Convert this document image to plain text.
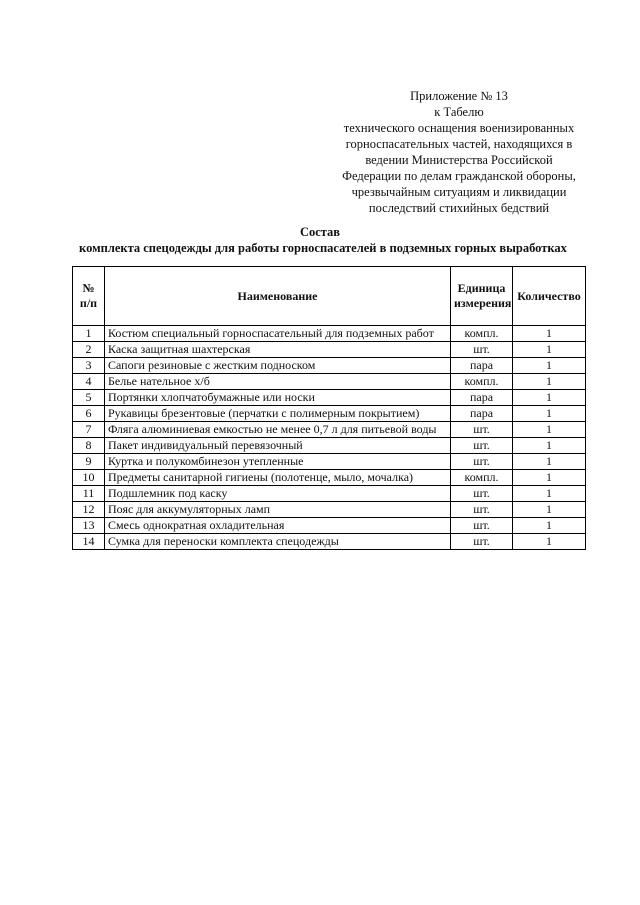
Приложение № 13
к Табелю
технического оснащения военизированных
горноспасательных частей, находящихся в
ведении Министерства Российской
Федерации по делам гражданской обороны,
чрезвычайным ситуациям и ликвидации
последствий стихийных бедствий
Состав
комплекта спецодежды для работы горноспасателей в подземных горных выработках
№ п/п	Наименование	Единица измерения	Количество
1	Костюм специальный горноспасательный для подземных работ	компл.	1
2	Каска защитная шахтерская	шт.	1
3	Сапоги резиновые с жестким подноском	пара	1
4	Белье нательное х/б	компл.	1
5	Портянки хлопчатобумажные или носки	пара	1
6	Рукавицы брезентовые (перчатки с полимерным покрытием)	пара	1
7	Фляга алюминиевая емкостью не менее 0,7 л для питьевой воды	шт.	1
8	Пакет индивидуальный перевязочный	шт.	1
9	Куртка и полукомбинезон утепленные	шт.	1
10	Предметы санитарной гигиены (полотенце, мыло, мочалка)	компл.	1
11	Подшлемник под каску	шт.	1
12	Пояс для аккумуляторных ламп	шт.	1
13	Смесь однократная охладительная	шт.	1
14	Сумка для переноски комплекта спецодежды	шт.	1
